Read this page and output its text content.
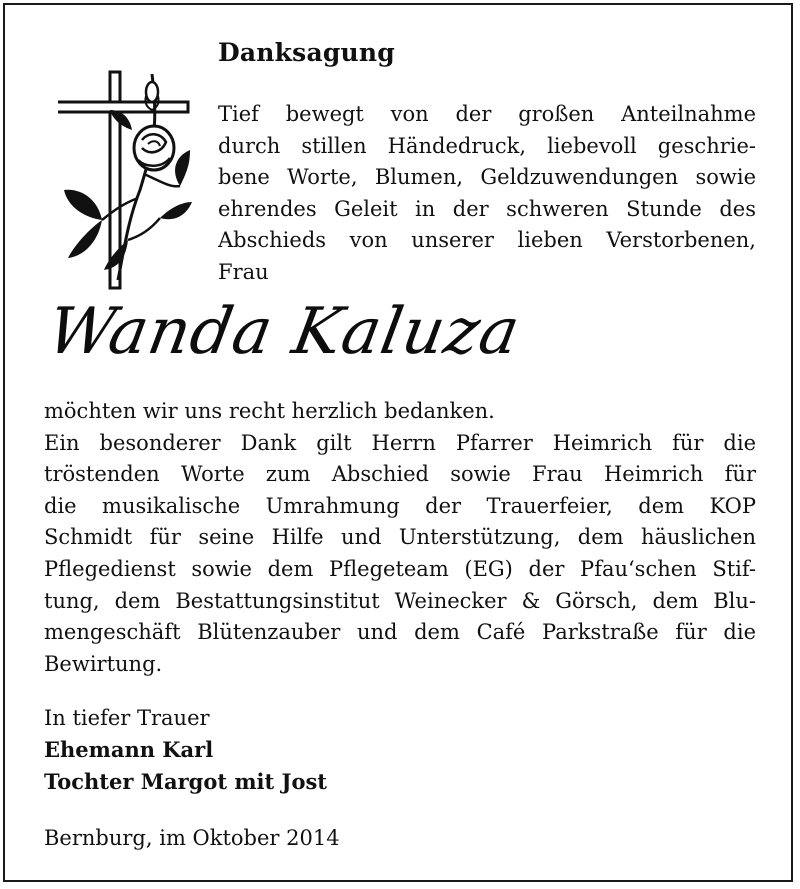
Danksagung
Tief bewegt von der großen Anteilnahme
durch stillen Händedruck, liebevoll geschrie-
bene Worte, Blumen, Geldzuwendungen sowie
ehrendes Geleit in der schweren Stunde des
Abschieds von unserer lieben Verstorbenen,
Frau
Wanda Kaluza
möchten wir uns recht herzlich bedanken.
Ein besonderer Dank gilt Herrn Pfarrer Heimrich für die
tröstenden Worte zum Abschied sowie Frau Heimrich für
die musikalische Umrahmung der Trauerfeier, dem KOP
Schmidt für seine Hilfe und Unterstützung, dem häuslichen
Pflegedienst sowie dem Pflegeteam (EG) der Pfau‘schen Stif-
tung, dem Bestattungsinstitut Weinecker & Görsch, dem Blu-
mengeschäft Blütenzauber und dem Café Parkstraße für die
Bewirtung.
In tiefer Trauer
Ehemann Karl
Tochter Margot mit Jost
Bernburg, im Oktober 2014
